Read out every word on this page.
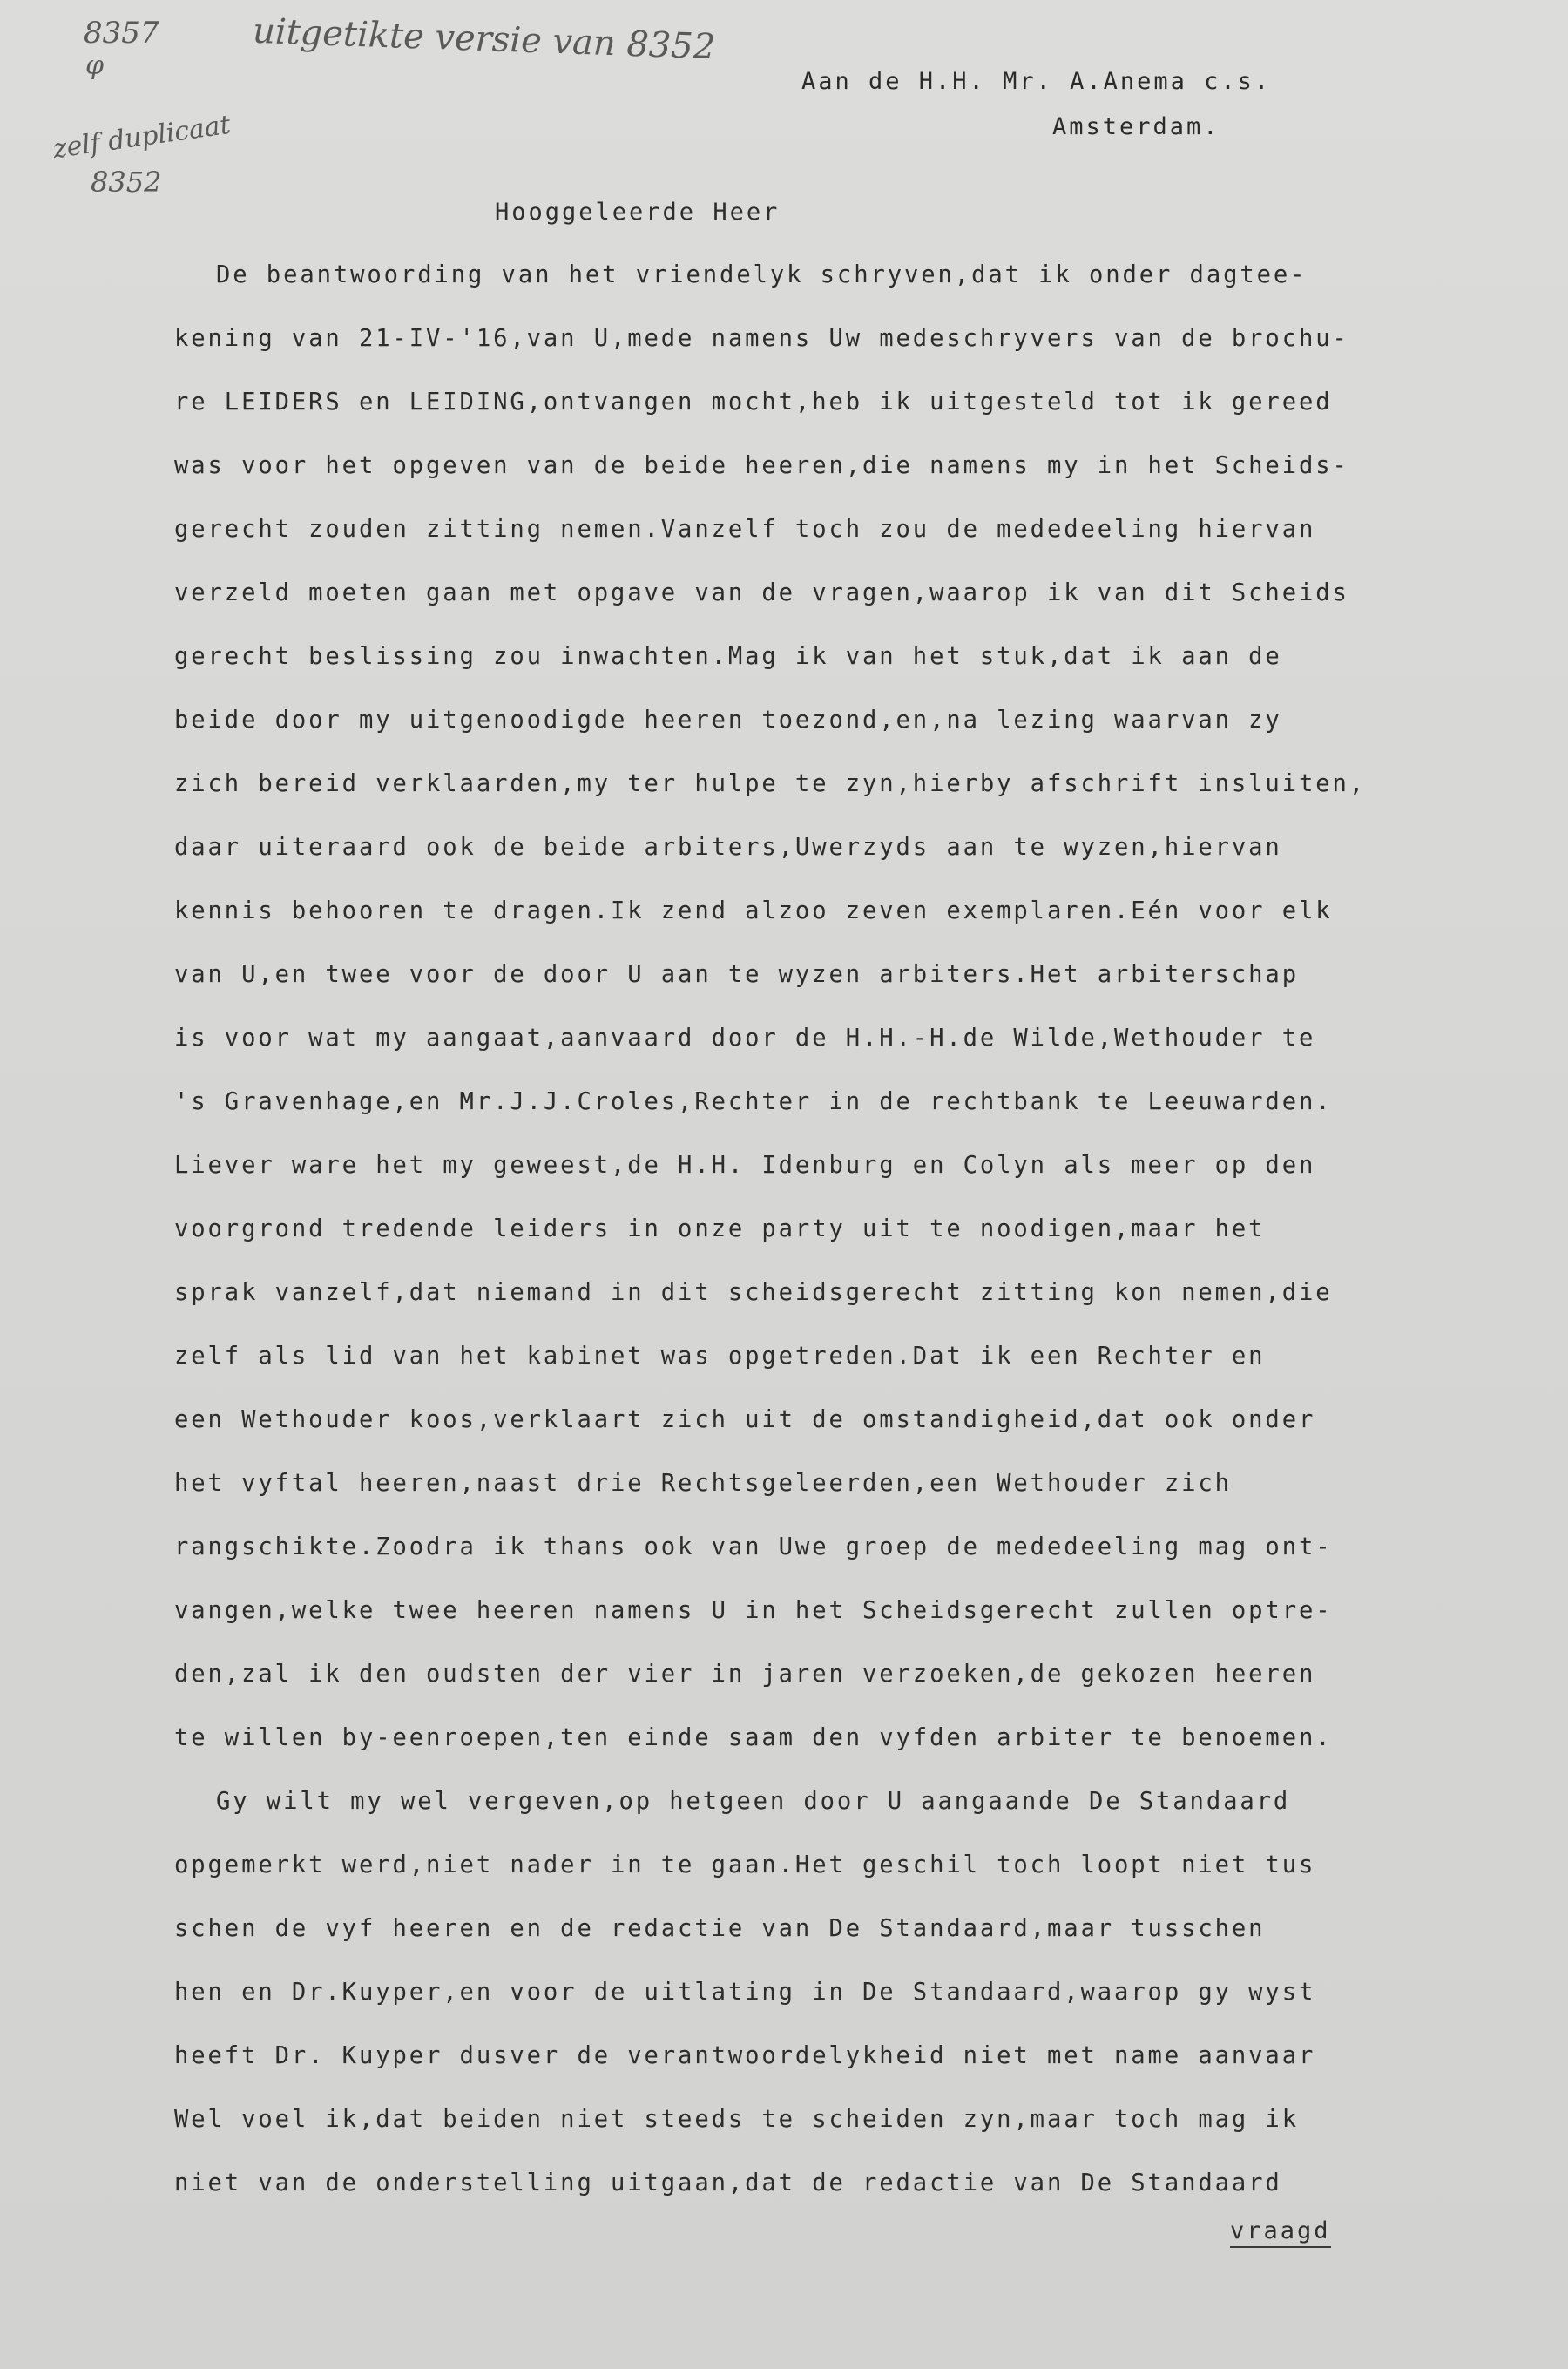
8357
φ	uitgetikte versie van 8352
zelf duplicaat
8352
Aan de H.H. Mr. A.Anema c.s.
Amsterdam.
Hooggeleerde Heer
De beantwoording van het vriendelyk schryven,dat ik onder dagtee-
kening van 21-IV-'16,van U,mede namens Uw medeschryvers van de brochu-
re LEIDERS en LEIDING,ontvangen mocht,heb ik uitgesteld tot ik gereed
was voor het opgeven van de beide heeren,die namens my in het Scheids-
gerecht zouden zitting nemen.Vanzelf toch zou de mededeeling hiervan
verzeld moeten gaan met opgave van de vragen,waarop ik van dit Scheids
gerecht beslissing zou inwachten.Mag ik van het stuk,dat ik aan de
beide door my uitgenoodigde heeren toezond,en,na lezing waarvan zy
zich bereid verklaarden,my ter hulpe te zyn,hierby afschrift insluiten,
daar uiteraard ook de beide arbiters,Uwerzyds aan te wyzen,hiervan
kennis behooren te dragen.Ik zend alzoo zeven exemplaren.Eén voor elk
van U,en twee voor de door U aan te wyzen arbiters.Het arbiterschap
is voor wat my aangaat,aanvaard door de H.H.-H.de Wilde,Wethouder te
's Gravenhage,en Mr.J.J.Croles,Rechter in de rechtbank te Leeuwarden.
Liever ware het my geweest,de H.H. Idenburg en Colyn als meer op den
voorgrond tredende leiders in onze party uit te noodigen,maar het
sprak vanzelf,dat niemand in dit scheidsgerecht zitting kon nemen,die
zelf als lid van het kabinet was opgetreden.Dat ik een Rechter en
een Wethouder koos,verklaart zich uit de omstandigheid,dat ook onder
het vyftal heeren,naast drie Rechtsgeleerden,een Wethouder zich
rangschikte.Zoodra ik thans ook van Uwe groep de mededeeling mag ont-
vangen,welke twee heeren namens U in het Scheidsgerecht zullen optre-
den,zal ik den oudsten der vier in jaren verzoeken,de gekozen heeren
te willen by-eenroepen,ten einde saam den vyfden arbiter te benoemen.
Gy wilt my wel vergeven,op hetgeen door U aangaande De Standaard
opgemerkt werd,niet nader in te gaan.Het geschil toch loopt niet tus
schen de vyf heeren en de redactie van De Standaard,maar tusschen
hen en Dr.Kuyper,en voor de uitlating in De Standaard,waarop gy wyst
heeft Dr. Kuyper dusver de verantwoordelykheid niet met name aanvaar
Wel voel ik,dat beiden niet steeds te scheiden zyn,maar toch mag ik
niet van de onderstelling uitgaan,dat de redactie van De Standaard
vraagd
